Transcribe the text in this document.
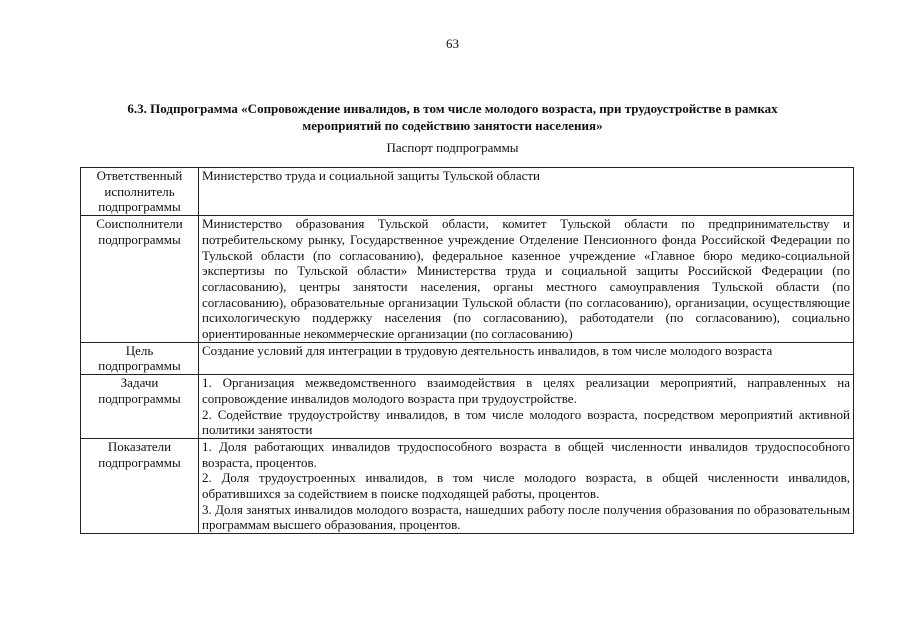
63
6.3. Подпрограмма «Сопровождение инвалидов, в том числе молодого возраста, при трудоустройстве в рамках
мероприятий по содействию занятости населения»
Паспорт подпрограммы
Ответственный исполнитель подпрограммы	Министерство труда и социальной защиты Тульской области

Соисполнители подпрограммы	Министерство образования Тульской области, комитет Тульской области по предпринимательству и потребительскому рынку, Государственное учреждение Отделение Пенсионного фонда Российской Федерации по Тульской области (по согласованию), федеральное казенное учреждение «Главное бюро медико-социальной экспертизы по Тульской области» Министерства труда и социальной защиты Российской Федерации (по согласованию), центры занятости населения, органы местного самоуправления Тульской области (по согласованию), образовательные организации Тульской области (по согласованию), организации, осуществляющие психологическую поддержку населения (по согласованию), работодатели (по согласованию), социально ориентированные некоммерческие организации (по согласованию)

Цель подпрограммы	Создание условий для интеграции в трудовую деятельность инвалидов, в том числе молодого возраста

Задачи подпрограммы	1. Организация межведомственного взаимодействия в целях реализации мероприятий, направленных на сопровождение инвалидов молодого возраста при трудоустройстве.
2. Содействие трудоустройству инвалидов, в том числе молодого возраста, посредством мероприятий активной политики занятости

Показатели подпрограммы	1. Доля работающих инвалидов трудоспособного возраста в общей численности инвалидов трудоспособного возраста, процентов.
2. Доля трудоустроенных инвалидов, в том числе молодого возраста, в общей численности инвалидов, обратившихся за содействием в поиске подходящей работы, процентов.
3. Доля занятых инвалидов молодого возраста, нашедших работу после получения образования по образовательным программам высшего образования, процентов.
